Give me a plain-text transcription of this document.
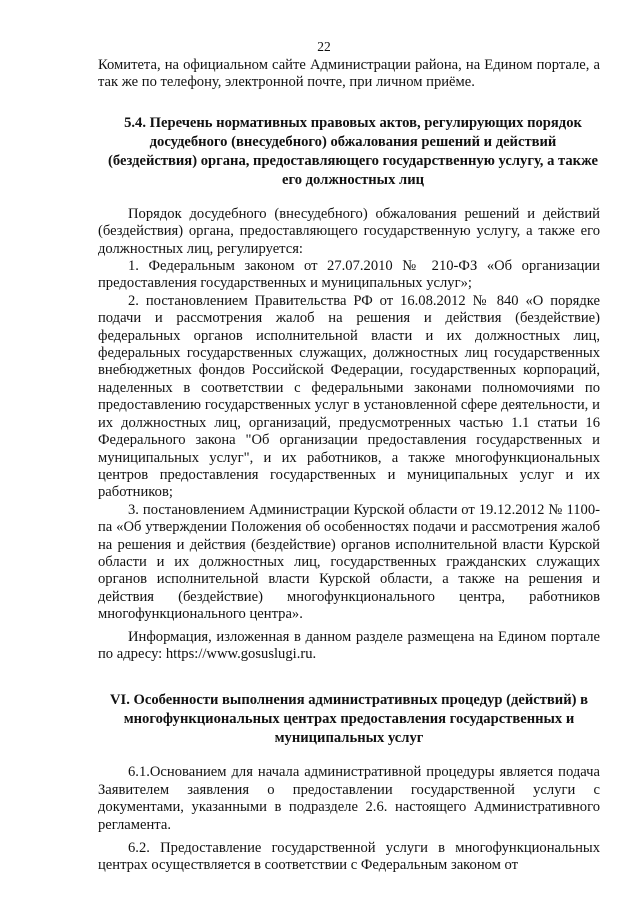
22

Комитета, на официальном сайте Администрации района, на Едином портале, а так же по телефону, электронной почте, при личном приёме.

5.4. Перечень нормативных правовых актов, регулирующих порядок досудебного (внесудебного) обжалования решений и действий (бездействия) органа, предоставляющего государственную услугу, а также его должностных лиц

Порядок досудебного (внесудебного) обжалования решений и действий (бездействия) органа, предоставляющего государственную услугу, а также его должностных лиц, регулируется:

1. Федеральным законом от 27.07.2010 № 210-ФЗ «Об организации предоставления государственных и муниципальных услуг»;

2. постановлением Правительства РФ от 16.08.2012 № 840 «О порядке подачи и рассмотрения жалоб на решения и действия (бездействие) федеральных органов исполнительной власти и их должностных лиц, федеральных государственных служащих, должностных лиц государственных внебюджетных фондов Российской Федерации, государственных корпораций, наделенных в соответствии с федеральными законами полномочиями по предоставлению государственных услуг в установленной сфере деятельности, и их должностных лиц, организаций, предусмотренных частью 1.1 статьи 16 Федерального закона "Об организации предоставления государственных и муниципальных услуг", и их работников, а также многофункциональных центров предоставления государственных и муниципальных услуг и их работников;

3. постановлением Администрации Курской области от 19.12.2012 № 1100-па «Об утверждении Положения об особенностях подачи и рассмотрения жалоб на решения и действия (бездействие) органов исполнительной власти Курской области и их должностных лиц, государственных гражданских служащих органов исполнительной власти Курской области, а также на решения и действия (бездействие) многофункционального центра, работников многофункционального центра».

Информация, изложенная в данном разделе размещена на Едином портале по адресу: https://www.gosuslugi.ru.

VI. Особенности выполнения административных процедур (действий) в многофункциональных центрах предоставления государственных и муниципальных услуг

6.1.Основанием для начала административной процедуры является подача Заявителем заявления о предоставлении государственной услуги с документами, указанными в подразделе 2.6. настоящего Административного регламента.

6.2. Предоставление государственной услуги в многофункциональных центрах осуществляется в соответствии с Федеральным законом от
